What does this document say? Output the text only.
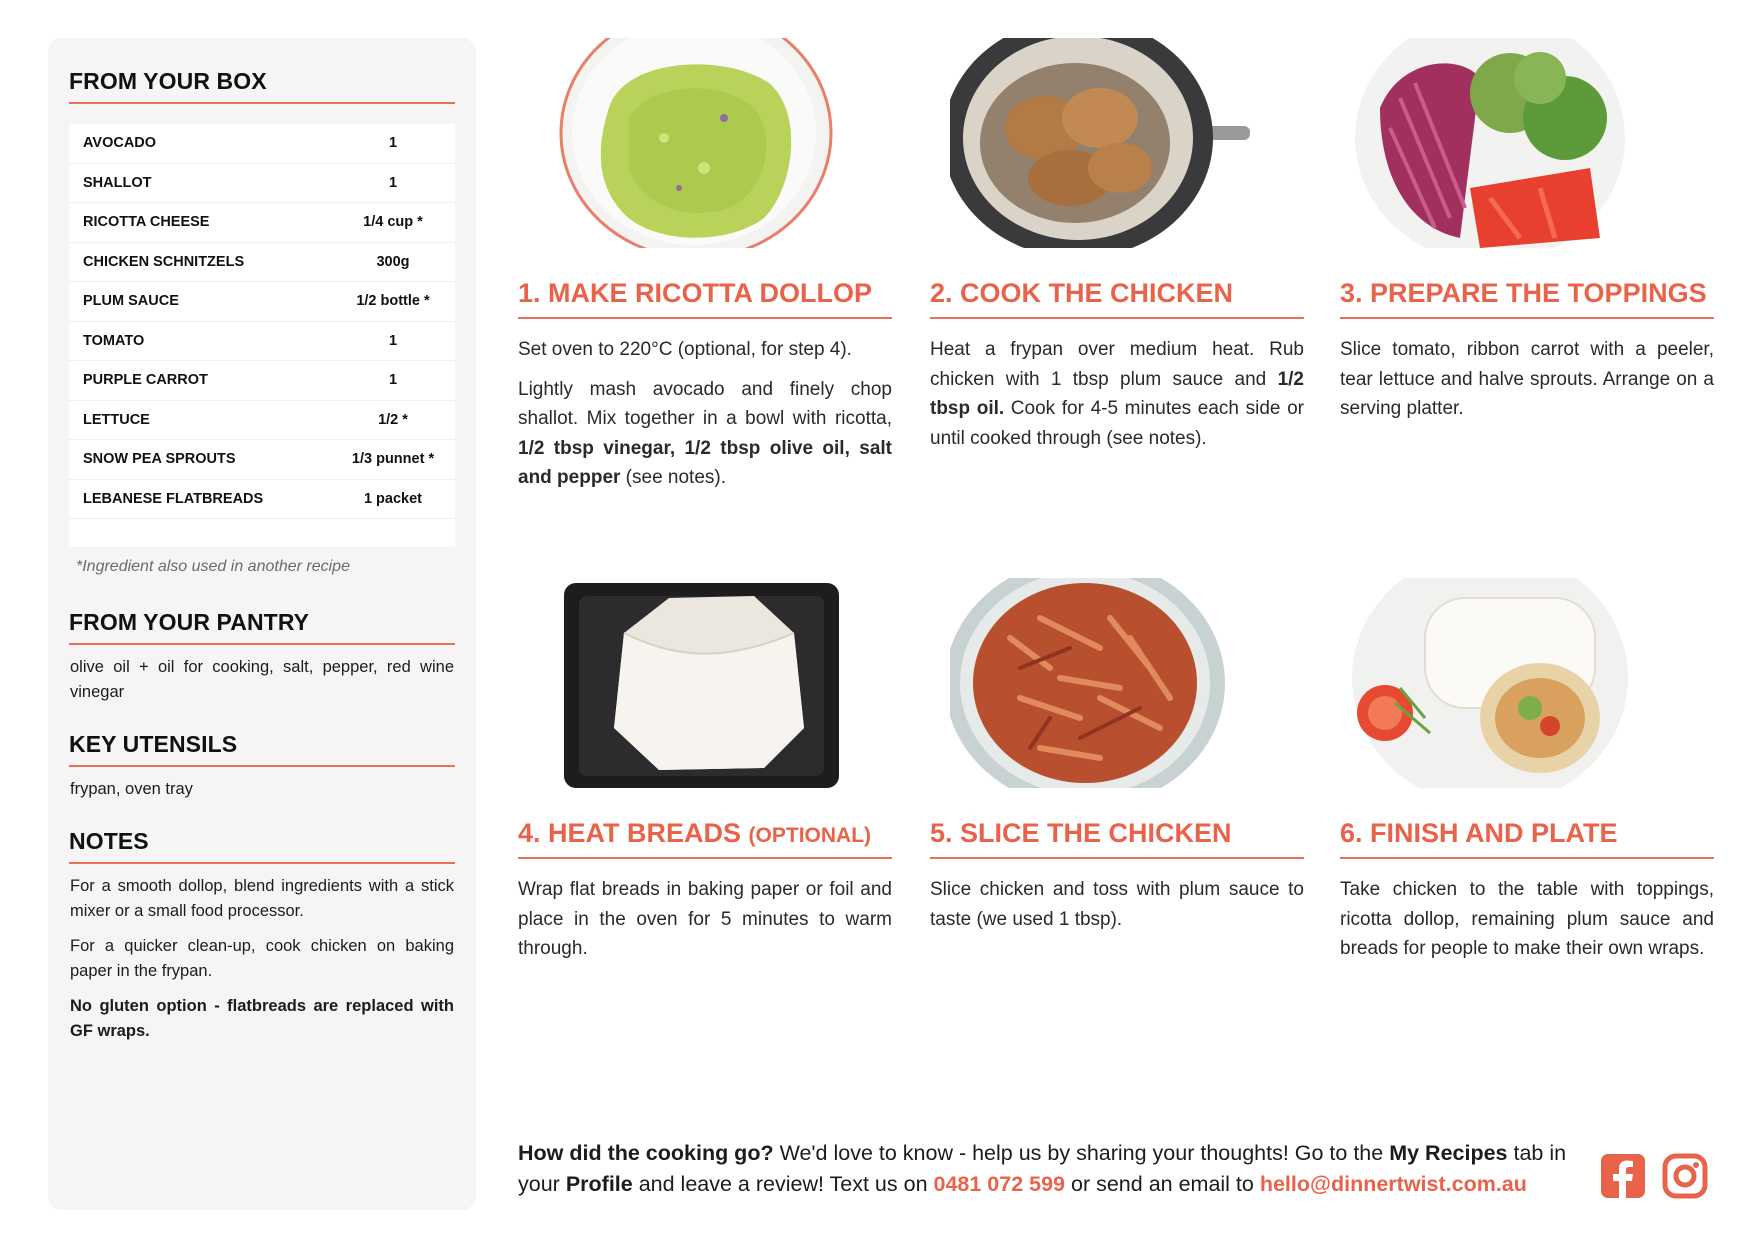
FROM YOUR BOX
AVOCADO	1
SHALLOT	1
RICOTTA CHEESE	1/4 cup *
CHICKEN SCHNITZELS	300g
PLUM SAUCE	1/2 bottle *
TOMATO	1
PURPLE CARROT	1
LETTUCE	1/2 *
SNOW PEA SPROUTS	1/3 punnet *
LEBANESE FLATBREADS	1 packet
*Ingredient also used in another recipe
FROM YOUR PANTRY
olive oil + oil for cooking, salt, pepper, red wine vinegar
KEY UTENSILS
frypan, oven tray
NOTES

For a smooth dollop, blend ingredients with a stick mixer or a small food processor.

For a quicker clean-up, cook chicken on baking paper in the frypan.

No gluten option - flatbreads are replaced with GF wraps.

1. MAKE RICOTTA DOLLOP

Set oven to 220°C (optional, for step 4).

Lightly mash avocado and finely chop shallot. Mix together in a bowl with ricotta, 1/2 tbsp vinegar, 1/2 tbsp olive oil, salt and pepper (see notes).

2. COOK THE CHICKEN

Heat a frypan over medium heat. Rub chicken with 1 tbsp plum sauce and 1/2 tbsp oil. Cook for 4-5 minutes each side or until cooked through (see notes).

3. PREPARE THE TOPPINGS
Slice tomato, ribbon carrot with a peeler, tear lettuce and halve sprouts. Arrange on a serving platter.
4. HEAT BREADS (OPTIONAL)
Wrap flat breads in baking paper or foil and place in the oven for 5 minutes to warm through.
5. SLICE THE CHICKEN
Slice chicken and toss with plum sauce to taste (we used 1 tbsp).
6. FINISH AND PLATE
Take chicken to the table with toppings, ricotta dollop, remaining plum sauce and breads for people to make their own wraps.
How did the cooking go? We'd love to know - help us by sharing your thoughts! Go to the My Recipes tab in your Profile and leave a review! Text us on 0481 072 599 or send an email to hello@dinnertwist.com.au
